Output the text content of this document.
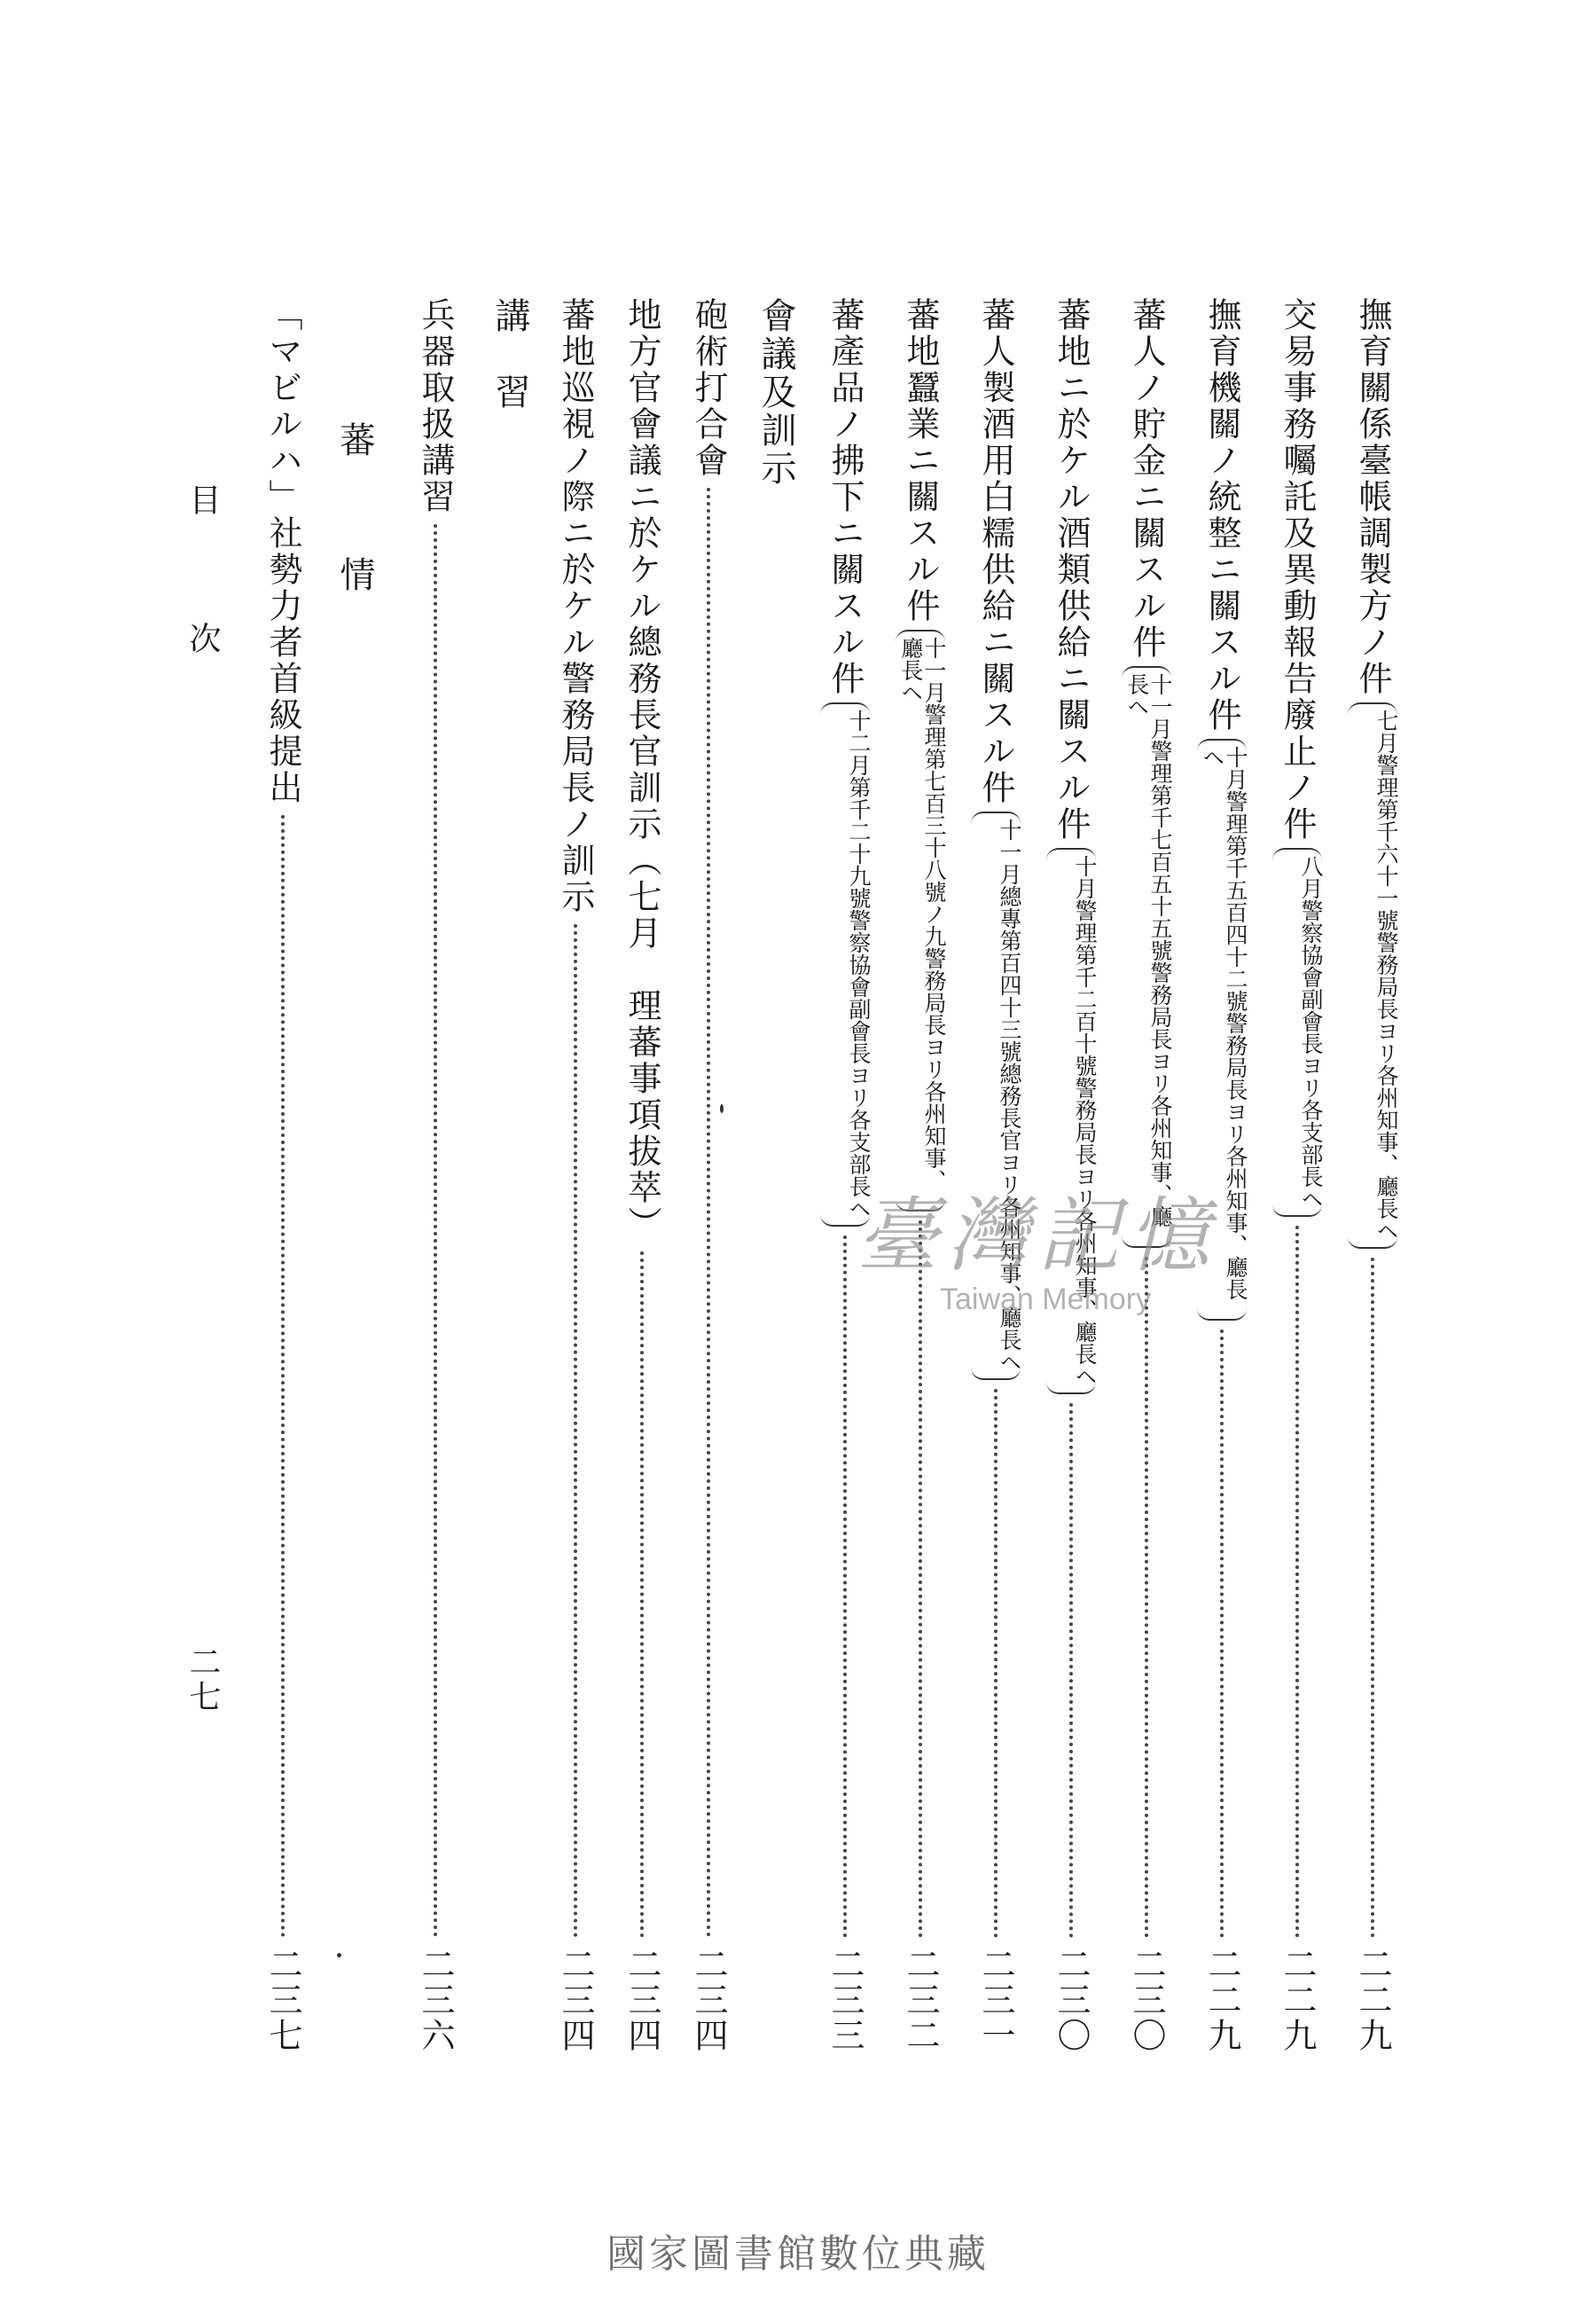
撫育關係臺帳調製方ノ件
七月警理第千六十一號警務局長ヨリ各州知事、廳長ヘ
二二九
交易事務囑託及異動報告廢止ノ件
八月警察協會副會長ヨリ各支部長ヘ
二二九
撫育機關ノ統整ニ關スル件
十月警理第千五百四十二號警務局長ヨリ各州知事、廳長ヘ
二二九
蕃人ノ貯金ニ關スル件
十一月警理第千七百五十五號警務局長ヨリ各州知事、廳長ヘ
二三〇
蕃地ニ於ケル酒類供給ニ關スル件
十月警理第千二百十號警務局長ヨリ各州知事、廳長ヘ
二三〇
蕃人製酒用白糯供給ニ關スル件
十一月總專第百四十三號總務長官ヨリ各州知事、廳長ヘ
二三一
蕃地蠶業ニ關スル件
十一月警理第七百三十八號ノ九警務局長ヨリ各州知事、廳長ヘ
二三二
蕃產品ノ拂下ニ關スル件
十二月第千二十九號警察協會副會長ヨリ各支部長ヘ
二三三
會議及訓示
砲術打合會
二三四
地方官會議ニ於ケル總務長官訓示（七月　理蕃事項拔萃）
二三四
蕃地巡視ノ際ニ於ケル警務局長ノ訓示
二三四
講　習
兵器取扱講習
二三六
蕃　情
「マビルハ」社勢力者首級提出
二三七
目　次
二七
臺灣記憶
Taiwan Memory
國家圖書館數位典藏
